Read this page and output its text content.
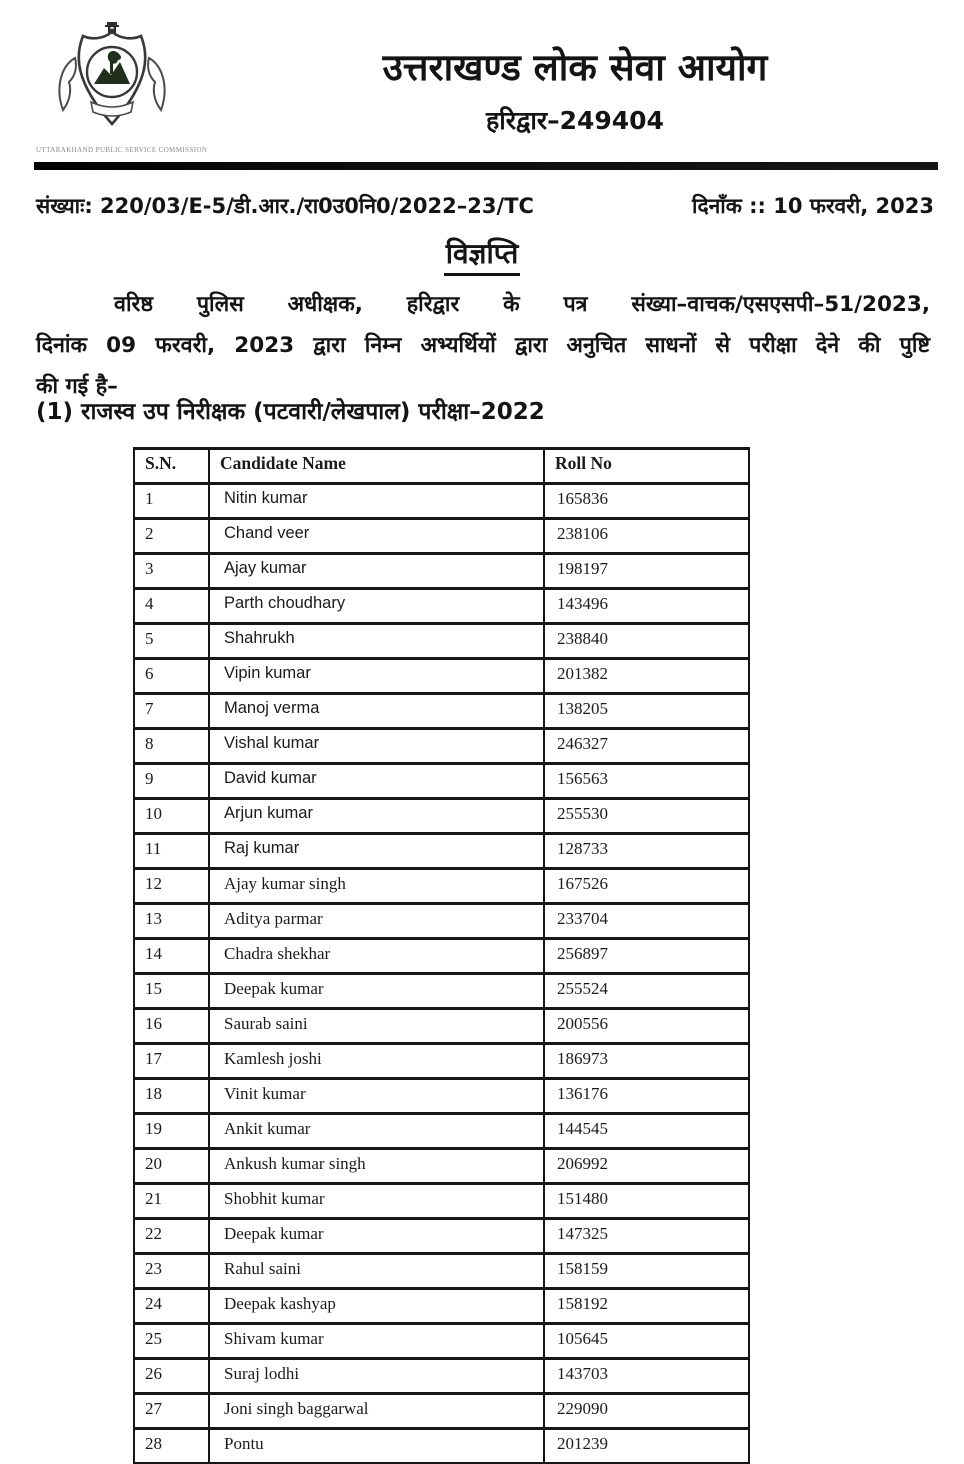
UTTARAKHAND PUBLIC SERVICE COMMISSION
उत्तराखण्ड लोक सेवा आयोग
हरिद्वार–249404
संख्याः: 220/03/E-5/डी.आर./रा0उ0नि0/2022–23/TC	दिनाँक :: 10 फरवरी, 2023
विज्ञप्ति
वरिष्ठ पुलिस अधीक्षक, हरिद्वार के पत्र संख्या–वाचक/एसएसपी–51/2023,
दिनांक 09 फरवरी, 2023 द्वारा निम्न अभ्यर्थियों द्वारा अनुचित साधनों से परीक्षा देने की पुष्टि
की गई है–
(1) राजस्व उप निरीक्षक (पटवारी/लेखपाल) परीक्षा–2022
S.N.	Candidate Name	Roll No
1	Nitin kumar	165836
2	Chand veer	238106
3	Ajay kumar	198197
4	Parth choudhary	143496
5	Shahrukh	238840
6	Vipin kumar	201382
7	Manoj verma	138205
8	Vishal kumar	246327
9	David kumar	156563
10	Arjun kumar	255530
11	Raj kumar	128733
12	Ajay kumar singh	167526
13	Aditya parmar	233704
14	Chadra shekhar	256897
15	Deepak kumar	255524
16	Saurab saini	200556
17	Kamlesh joshi	186973
18	Vinit kumar	136176
19	Ankit kumar	144545
20	Ankush kumar singh	206992
21	Shobhit kumar	151480
22	Deepak kumar	147325
23	Rahul saini	158159
24	Deepak kashyap	158192
25	Shivam kumar	105645
26	Suraj lodhi	143703
27	Joni singh baggarwal	229090
28	Pontu	201239
